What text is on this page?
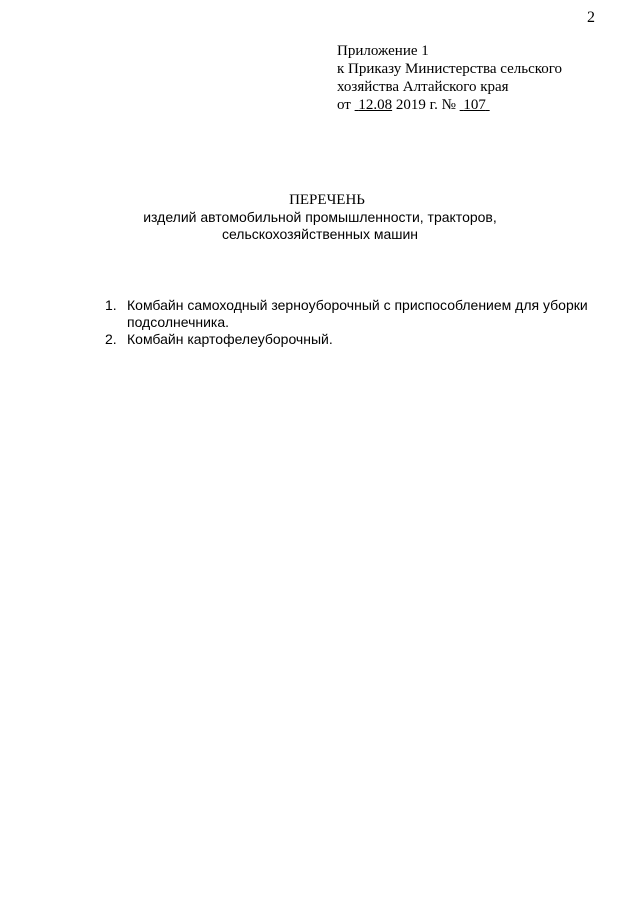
2
Приложение 1
к Приказу Министерства сельского
хозяйства Алтайского края
от 12.08 2019 г. № 107
ПЕРЕЧЕНЬ
изделий автомобильной промышленности, тракторов,
сельскохозяйственных машин
1. Комбайн самоходный зерноуборочный с приспособлением для уборки подсолнечника.
2. Комбайн картофелеуборочный.
